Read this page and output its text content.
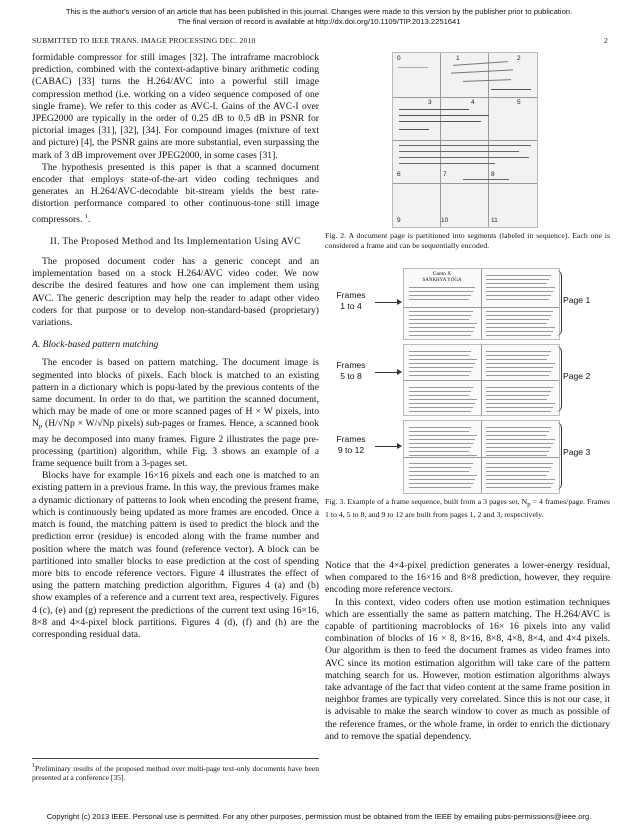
This is the author's version of an article that has been published in this journal. Changes were made to this version by the publisher prior to publication.
The final version of record is available at http://dx.doi.org/10.1109/TIP.2013.2251641
SUBMITTED TO IEEE TRANS. IMAGE PROCESSING DEC. 2010	2

formidable compressor for still images [32]. The intraframe macroblock prediction, combined with the context-adaptive binary arithmetic coding (CABAC) [33] turns the H.264/AVC into a powerful still image compression method (i.e. working on a video sequence composed of one single frame). We refer to this coder as AVC-I. Gains of the AVC-I over JPEG2000 are typically in the order of 0.25 dB to 0.5 dB in PSNR for pictorial images [31], [32], [34]. For compound images (mixture of text and picture) [4], the PSNR gains are more substantial, even surpassing the mark of 3 dB improvement over JPEG2000, in some cases [31].

The hypothesis presented is this paper is that a scanned document encoder that employs state-of-the-art video coding techniques and generates an H.264/AVC-decodable bit-stream yields the best rate-distortion performance compared to other continuous-tone still image compressors. $^1$.

II. The Proposed Method and Its Implementation Using AVC

The proposed document coder has a generic concept and an implementation based on a stock H.264/AVC video coder. We now describe the desired features and how one can implement them using AVC. The generic description may help the reader to adapt other video coders for that purpose or to develop non-standard-based (proprietary) variations.

A. Block-based pattern matching

The encoder is based on pattern matching. The document image is segmented into blocks of pixels. Each block is matched to an existing pattern in a dictionary which is popu-lated by the previous contents of the same document. In order to do that, we partition the scanned document, which may be made of one or more scanned pages of H × W pixels, into $N_p$ (H/√Np × W/√Np pixels) sub-pages or frames. Hence, a scanned book may be decomposed into many frames. Figure 2 illustrates the page pre-processing (partition) algorithm, while Fig. 3 shows an example of a frame sequence built from a 3-pages set.

Blocks have for example 16×16 pixels and each one is matched to an existing pattern in a previous frame. In this way, the previous frames make a dynamic dictionary of patterns to look when encoding the present frame, which is continuously being updated as more frames are encoded. Once a match is found, the matching pattern is used to predict the block and the prediction error (residue) is encoded along with the frame number and position where the match was found (reference vector). A block can be partitioned into smaller blocks to ease prediction at the cost of spending more bits to encode reference vectors. Figure 4 illustrates the effect of using the pattern matching prediction algorithm. Figures 4 (a) and (b) show examples of a reference and a current text area, respectively. Figures 4 (c), (e) and (g) represent the predictions of the current text using 16×16, 8×8 and 4×4-pixel block partitions. Figures 4 (d), (f) and (h) are the corresponding residual data.

$^1$Preliminary results of the proposed method over multi-page text-only documents have been presented at a conference [35].
0	1	2
3	4	5
6	7	8
9	10	11
Fig. 2. A document page is partitioned into segments (labeled in sequence). Each one is considered a frame and can be sequentially encoded.
Canto X
SANKHYA YOGA
Frames
1 to 4
Frames
5 to 8
Frames
9 to 12
Page 1
Page 2
Page 3
Fig. 3. Example of a frame sequence, built from a 3 pages set, $N_p = 4$ frames/page. Frames 1 to 4, 5 to 8, and 9 to 12 are built from pages 1, 2 and 3, respectively.

Notice that the 4×4-pixel prediction generates a lower-energy residual, when compared to the 16×16 and 8×8 prediction, however, they require encoding more reference vectors.

In this context, video coders often use motion estimation techniques which are essentially the same as pattern matching. The H.264/AVC is capable of partitioning macroblocks of 16× 16 pixels into any valid combination of blocks of 16 × 8, 8×16, 8×8, 4×8, 8×4, and 4×4 pixels. Our algorithm is then to feed the document frames as video frames into AVC since its motion estimation algorithm will take care of the pattern matching search for us. However, motion estimation algorithms always take advantage of the fact that video content at the same frame position in neighbor frames are typically very correlated. Since this is not our case, it is advisable to make the search window to cover as much as possible of the reference frames, or the whole frame, in order to enrich the dictionary and to remove the spatial dependency.

Copyright (c) 2013 IEEE. Personal use is permitted. For any other purposes, permission must be obtained from the IEEE by emailing pubs-permissions@ieee.org.
